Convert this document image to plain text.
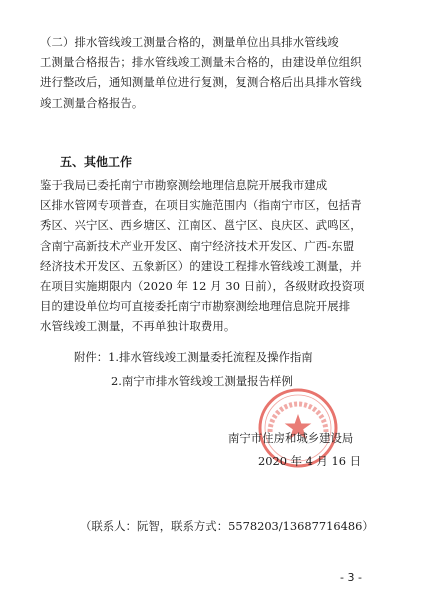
（二）排水管线竣工测量合格的，测量单位出具排水管线竣
工测量合格报告；排水管线竣工测量未合格的，由建设单位组织
进行整改后，通知测量单位进行复测，复测合格后出具排水管线
竣工测量合格报告。
五、其他工作
鉴于我局已委托南宁市勘察测绘地理信息院开展我市建成
区排水管网专项普查，在项目实施范围内（指南宁市区，包括青
秀区、兴宁区、西乡塘区、江南区、邕宁区、良庆区、武鸣区，
含南宁高新技术产业开发区、南宁经济技术开发区、广西-东盟
经济技术开发区、五象新区）的建设工程排水管线竣工测量，并
在项目实施期限内（2020 年 12 月 30 日前），各级财政投资项
目的建设单位均可直接委托南宁市勘察测绘地理信息院开展排
水管线竣工测量，不再单独计取费用。
附件：1.排水管线竣工测量委托流程及操作指南
2.南宁市排水管线竣工测量报告样例
南宁市住房和城乡建设局
2020 年 4 月 16 日
（联系人：阮智，联系方式：5578203/13687716486）
- 3 -
